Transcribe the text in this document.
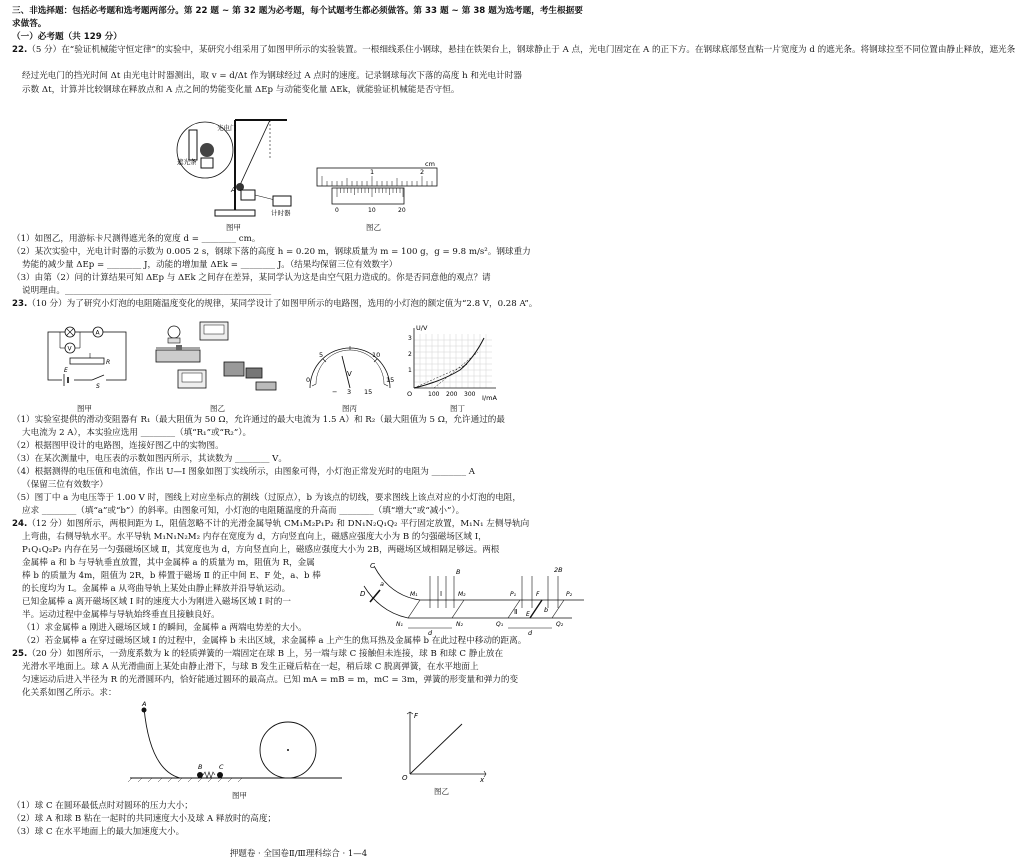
三、非选择题：包括必考题和选考题两部分。第 22 题 ~ 第 32 题为必考题，每个试题考生都必须做答。第 33 题 ~ 第 38 题为选考题，考生根据要求做答。
（一）必考题（共 129 分）
22.（5 分）在“验证机械能守恒定律”的实验中，某研究小组采用了如图甲所示的实验装置。一根细线系住小钢球，悬挂在铁架台上，钢球静止于 A 点，光电门固定在 A 的正下方。在钢球底部竖直粘一片宽度为 d 的遮光条。将钢球拉至不同位置由静止释放，遮光条
经过光电门的挡光时间 Δt 由光电计时器测出，取 v = d/Δt 作为钢球经过 A 点时的速度。记录钢球每次下落的高度 h 和光电计时器
示数 Δt，计算并比较钢球在释放点和 A 点之间的势能变化量 ΔEp 与动能变化量 ΔEk，就能验证机械能是否守恒。
遮光条
光电门
计时器
A
图甲
1	2
cm
0	10	20
图乙
（1）如图乙，用游标卡尺测得遮光条的宽度 d = ________ cm。
（2）某次实验中，光电计时器的示数为 0.005 2 s，钢球下落的高度 h = 0.20 m，钢球质量为 m = 100 g，g = 9.8 m/s²。钢球重力
势能的减少量 ΔEp = ________ J，动能的增加量 ΔEk = ________ J。（结果均保留三位有效数字）
（3）由第（2）问的计算结果可知 ΔEp 与 ΔEk 之间存在差异，某同学认为这是由空气阻力造成的。你是否同意他的观点？请
说明理由。________________________________________________
23.（10 分）为了研究小灯泡的电阻随温度变化的规律，某同学设计了如图甲所示的电路图，选用的小灯泡的额定值为“2.8 V，0.28 A”。
A
V
R
E
S
图甲	图乙
0
5	10
15
V
− 3 15
图丙
U/V
I/mA
O	100 200 300
1
2
3
图丁
（1）实验室提供的滑动变阻器有 R₁（最大阻值为 50 Ω，允许通过的最大电流为 1.5 A）和 R₂（最大阻值为 5 Ω，允许通过的最
大电流为 2 A），本实验应选用 ________（填“R₁”或“R₂”）。
（2）根据图甲设计的电路图，连接好图乙中的实物图。
（3）在某次测量中，电压表的示数如图丙所示，其读数为 ________ V。
（4）根据测得的电压值和电流值，作出 U—I 图象如图丁实线所示，由图象可得，小灯泡正常发光时的电阻为 ________ A
（保留三位有效数字）
（5）图丁中 a 为电压等于 1.00 V 时，图线上对应坐标点的割线（过原点），b 为该点的切线，要求图线上该点对应的小灯泡的电阻，
应求 ________（填“a”或“b”）的斜率。由图象可知，小灯泡的电阻随温度的升高而 ________（填“增大”或“减小”）。
24.（12 分）如图所示，两根间距为 L，阻值忽略不计的光滑金属导轨 CM₁M₂P₁P₂ 和 DN₁N₂Q₁Q₂ 平行固定放置，M₁N₁ 左侧导轨向
上弯曲，右侧导轨水平。水平导轨 M₁N₁N₂M₂ 内存在宽度为 d，方向竖直向上，磁感应强度大小为 B 的匀强磁场区域 Ⅰ，
P₁Q₁Q₂P₂ 内存在另一匀强磁场区域 Ⅱ，其宽度也为 d，方向竖直向上，磁感应强度大小为 2B，两磁场区域相隔足够远。两根
金属棒 a 和 b 与导轨垂直放置，其中金属棒 a 的质量为 m，阻值为 R，金属
棒 b 的质量为 4m，阻值为 2R，b 棒置于磁场 Ⅱ 的正中间 E、F 处，a、b 棒
的长度均为 L。金属棒 a 从弯曲导轨上某处由静止释放并沿导轨运动。
已知金属棒 a 离开磁场区域 Ⅰ 时的速度大小为刚进入磁场区域 Ⅰ 时的一
半。运动过程中金属棒与导轨始终垂直且接触良好。
（1）求金属棒 a 刚进入磁场区域 Ⅰ 的瞬间，金属棒 a 两端电势差的大小。
（2）若金属棒 a 在穿过磁场区域 Ⅰ 的过程中，金属棒 b 未出区域，求金属棒 a 上产生的焦耳热及金属棒 b 在此过程中移动的距离。
C
D	M₁
N₁
M₂
N₂
P₁
Q₁
P₂
Q₂
E
F
a
b
B	2B
Ⅰ
Ⅱ
d	d
25.（20 分）如图所示，一劲度系数为 k 的轻质弹簧的一端固定在球 B 上，另一端与球 C 接触但未连接，球 B 和球 C 静止放在
光滑水平地面上。球 A 从光滑曲面上某处由静止滑下，与球 B 发生正碰后粘在一起，稍后球 C 脱离弹簧，在水平地面上
匀速运动后进入半径为 R 的光滑圆环内，恰好能通过圆环的最高点。已知 mA = mB = m，mC = 3m，弹簧的形变量和弹力的变
化关系如图乙所示。求：
A
B	C
图甲
F
x
O
图乙
（1）球 C 在圆环最低点时对圆环的压力大小；
（2）球 A 和球 B 粘在一起时的共同速度大小及球 A 释放时的高度；
（3）球 C 在水平地面上的最大加速度大小。
押题卷 · 全国卷Ⅱ/Ⅲ理科综合 · 1—4
